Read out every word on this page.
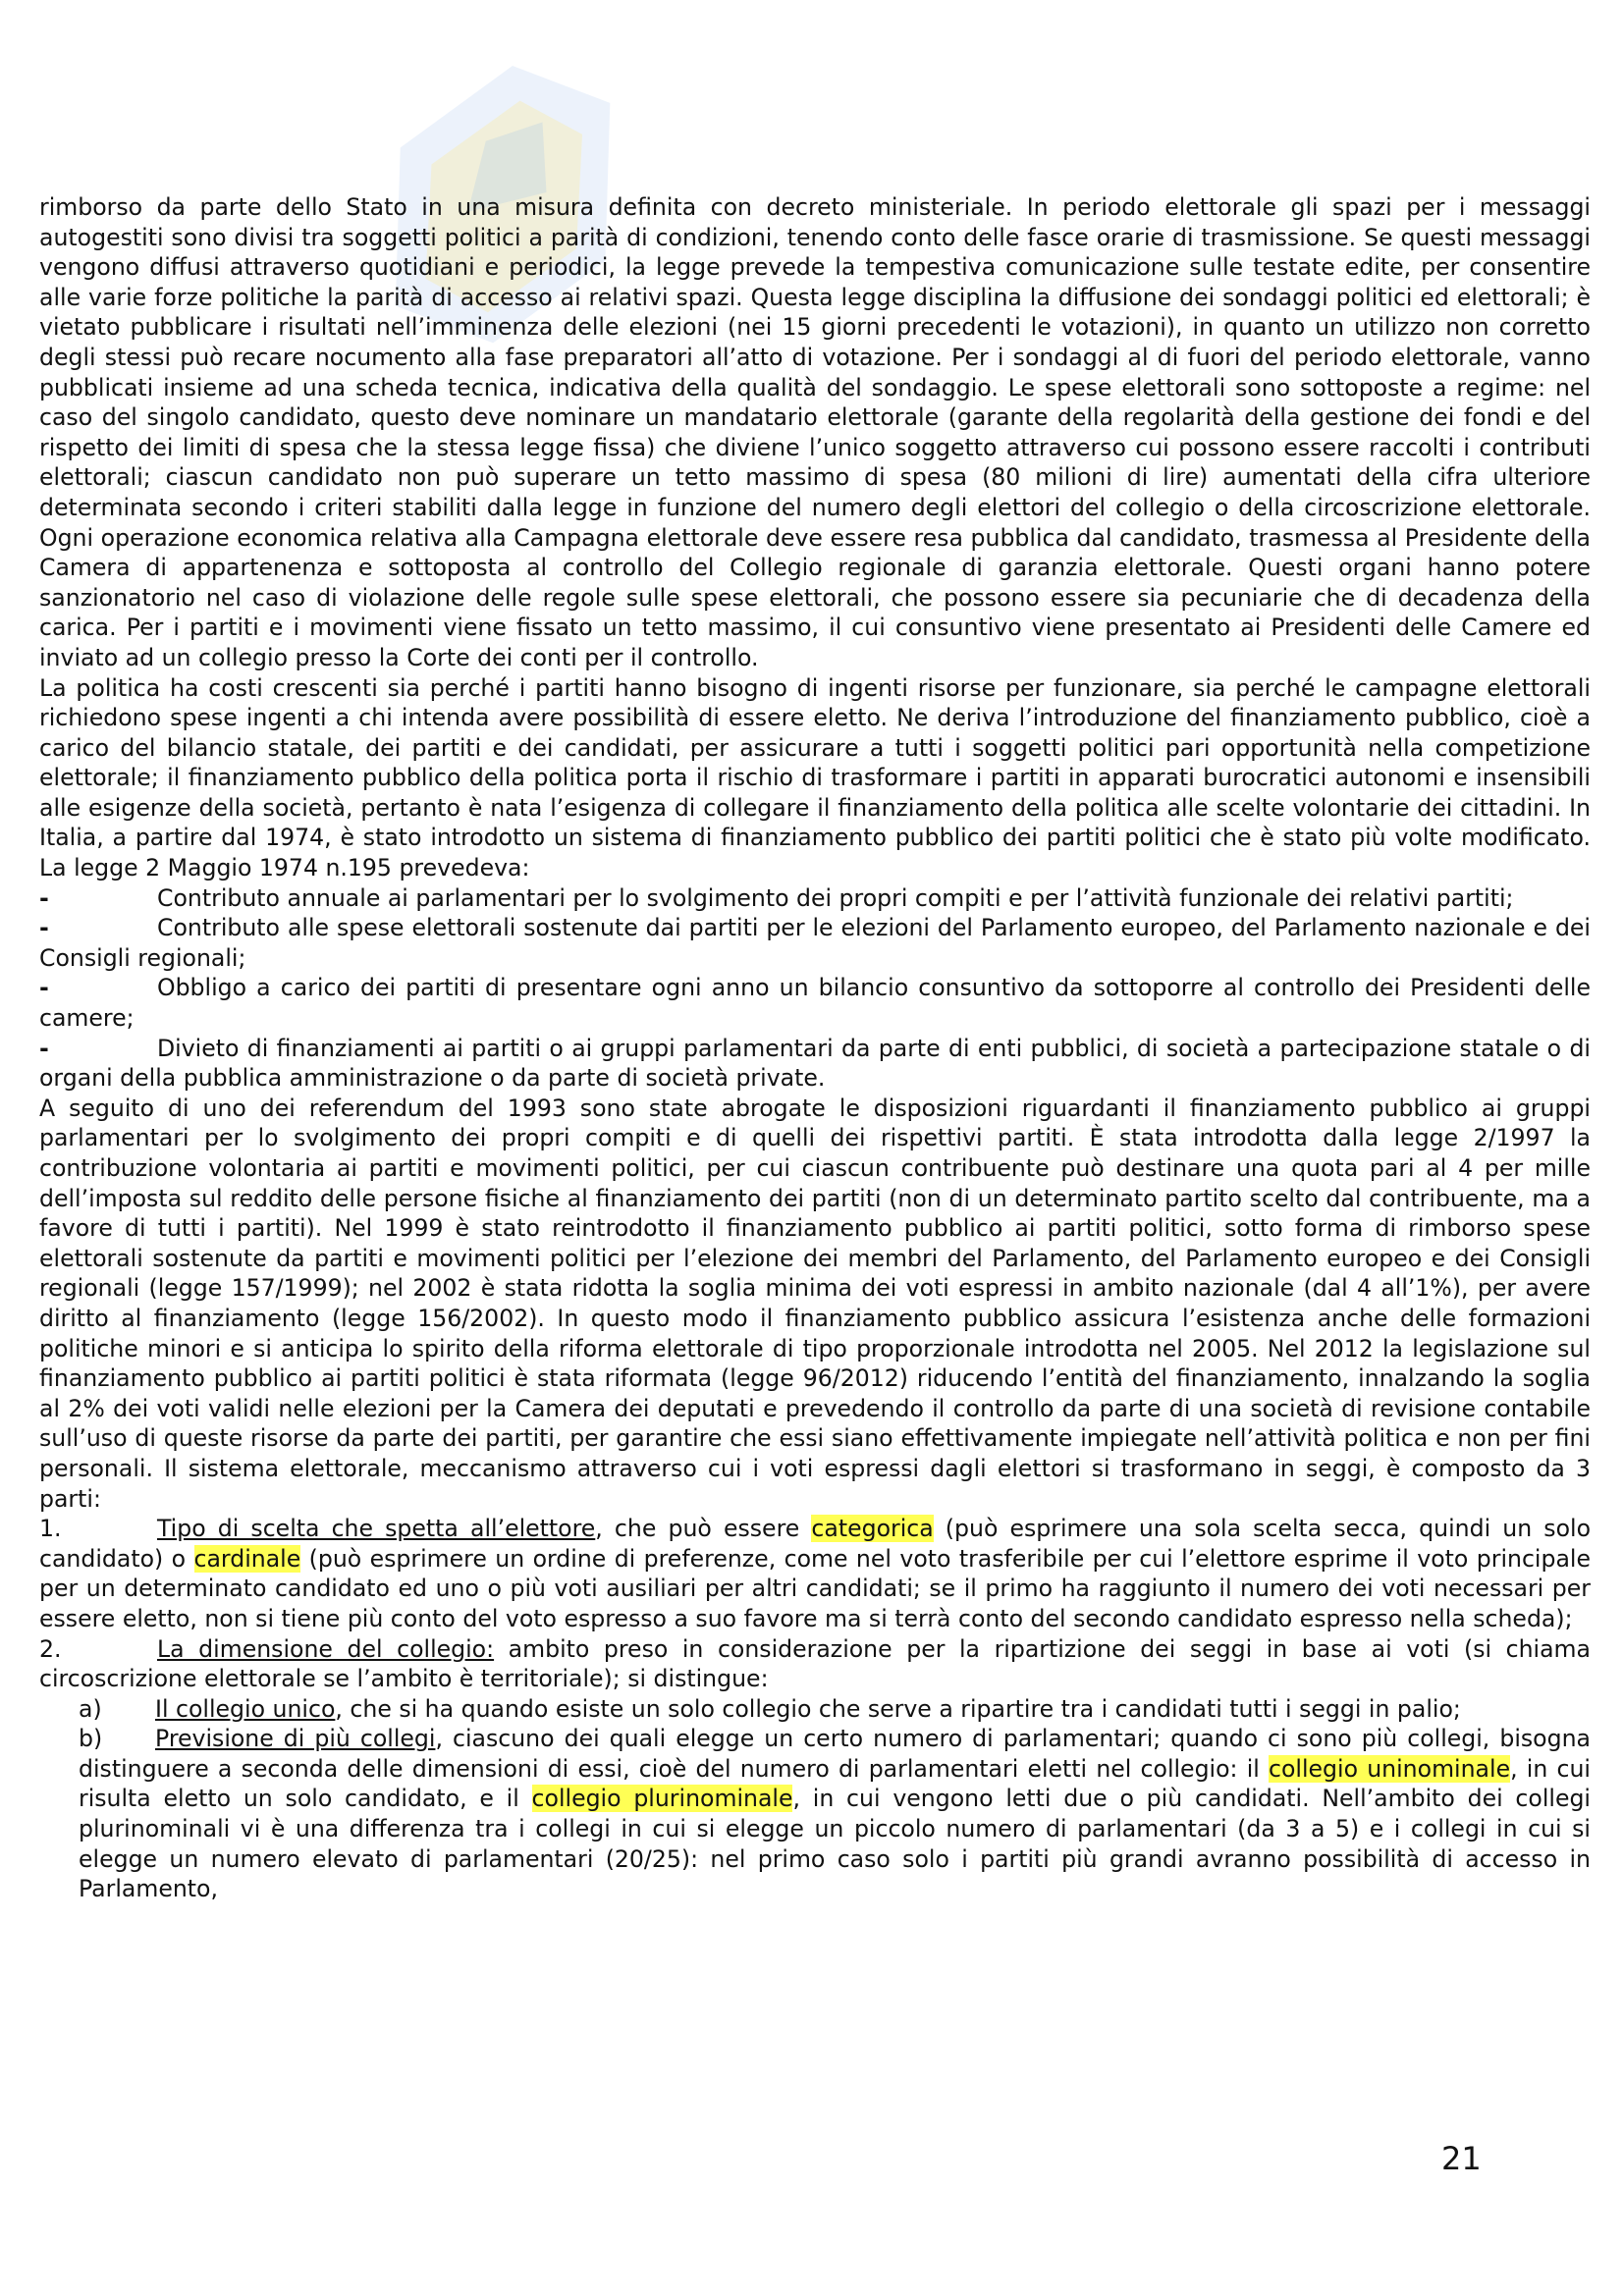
rimborso da parte dello Stato in una misura definita con decreto ministeriale. In periodo elettorale gli spazi per i messaggi autogestiti sono divisi tra soggetti politici a parità di condizioni, tenendo conto delle fasce orarie di trasmissione. Se questi messaggi vengono diffusi attraverso quotidiani e periodici, la legge prevede la tempestiva comunicazione sulle testate edite, per consentire alle varie forze politiche la parità di accesso ai relativi spazi. Questa legge disciplina la diffusione dei sondaggi politici ed elettorali; è vietato pubblicare i risultati nell’imminenza delle elezioni (nei 15 giorni precedenti le votazioni), in quanto un utilizzo non corretto degli stessi può recare nocumento alla fase preparatori all’atto di votazione. Per i sondaggi al di fuori del periodo elettorale, vanno pubblicati insieme ad una scheda tecnica, indicativa della qualità del sondaggio. Le spese elettorali sono sottoposte a regime: nel caso del singolo candidato, questo deve nominare un mandatario elettorale (garante della regolarità della gestione dei fondi e del rispetto dei limiti di spesa che la stessa legge fissa) che diviene l’unico soggetto attraverso cui possono essere raccolti i contributi elettorali; ciascun candidato non può superare un tetto massimo di spesa (80 milioni di lire) aumentati della cifra ulteriore determinata secondo i criteri stabiliti dalla legge in funzione del numero degli elettori del collegio o della circoscrizione elettorale. Ogni operazione economica relativa alla Campagna elettorale deve essere resa pubblica dal candidato, trasmessa al Presidente della Camera di appartenenza e sottoposta al controllo del Collegio regionale di garanzia elettorale. Questi organi hanno potere sanzionatorio nel caso di violazione delle regole sulle spese elettorali, che possono essere sia pecuniarie che di decadenza della carica. Per i partiti e i movimenti viene fissato un tetto massimo, il cui consuntivo viene presentato ai Presidenti delle Camere ed inviato ad un collegio presso la Corte dei conti per il controllo.

La politica ha costi crescenti sia perché i partiti hanno bisogno di ingenti risorse per funzionare, sia perché le campagne elettorali richiedono spese ingenti a chi intenda avere possibilità di essere eletto. Ne deriva l’introduzione del finanziamento pubblico, cioè a carico del bilancio statale, dei partiti e dei candidati, per assicurare a tutti i soggetti politici pari opportunità nella competizione elettorale; il finanziamento pubblico della politica porta il rischio di trasformare i partiti in apparati burocratici autonomi e insensibili alle esigenze della società, pertanto è nata l’esigenza di collegare il finanziamento della politica alle scelte volontarie dei cittadini. In Italia, a partire dal 1974, è stato introdotto un sistema di finanziamento pubblico dei partiti politici che è stato più volte modificato. La legge 2 Maggio 1974 n.195 prevedeva:

-	Contributo annuale ai parlamentari per lo svolgimento dei propri compiti e per l’attività funzionale dei relativi partiti;

-	Contributo alle spese elettorali sostenute dai partiti per le elezioni del Parlamento europeo, del Parlamento nazionale e dei Consigli regionali;

-	Obbligo a carico dei partiti di presentare ogni anno un bilancio consuntivo da sottoporre al controllo dei Presidenti delle camere;

-	Divieto di finanziamenti ai partiti o ai gruppi parlamentari da parte di enti pubblici, di società a partecipazione statale o di organi della pubblica amministrazione o da parte di società private.

A seguito di uno dei referendum del 1993 sono state abrogate le disposizioni riguardanti il finanziamento pubblico ai gruppi parlamentari per lo svolgimento dei propri compiti e di quelli dei rispettivi partiti. È stata introdotta dalla legge 2/1997 la contribuzione volontaria ai partiti e movimenti politici, per cui ciascun contribuente può destinare una quota pari al 4 per mille dell’imposta sul reddito delle persone fisiche al finanziamento dei partiti (non di un determinato partito scelto dal contribuente, ma a favore di tutti i partiti). Nel 1999 è stato reintrodotto il finanziamento pubblico ai partiti politici, sotto forma di rimborso spese elettorali sostenute da partiti e movimenti politici per l’elezione dei membri del Parlamento, del Parlamento europeo e dei Consigli regionali (legge 157/1999); nel 2002 è stata ridotta la soglia minima dei voti espressi in ambito nazionale (dal 4 all’1%), per avere diritto al finanziamento (legge 156/2002). In questo modo il finanziamento pubblico assicura l’esistenza anche delle formazioni politiche minori e si anticipa lo spirito della riforma elettorale di tipo proporzionale introdotta nel 2005. Nel 2012 la legislazione sul finanziamento pubblico ai partiti politici è stata riformata (legge 96/2012) riducendo l’entità del finanziamento, innalzando la soglia al 2% dei voti validi nelle elezioni per la Camera dei deputati e prevedendo il controllo da parte di una società di revisione contabile sull’uso di queste risorse da parte dei partiti, per garantire che essi siano effettivamente impiegate nell’attività politica e non per fini personali. Il sistema elettorale, meccanismo attraverso cui i voti espressi dagli elettori si trasformano in seggi, è composto da 3 parti:

1.	Tipo di scelta che spetta all’elettore, che può essere categorica (può esprimere una sola scelta secca, quindi un solo candidato) o cardinale (può esprimere un ordine di preferenze, come nel voto trasferibile per cui l’elettore esprime il voto principale per un determinato candidato ed uno o più voti ausiliari per altri candidati; se il primo ha raggiunto il numero dei voti necessari per essere eletto, non si tiene più conto del voto espresso a suo favore ma si terrà conto del secondo candidato espresso nella scheda);

2.	La dimensione del collegio: ambito preso in considerazione per la ripartizione dei seggi in base ai voti (si chiama circoscrizione elettorale se l’ambito è territoriale); si distingue:

a) Il collegio unico, che si ha quando esiste un solo collegio che serve a ripartire tra i candidati tutti i seggi in palio;

b) Previsione di più collegi, ciascuno dei quali elegge un certo numero di parlamentari; quando ci sono più collegi, bisogna distinguere a seconda delle dimensioni di essi, cioè del numero di parlamentari eletti nel collegio: il collegio uninominale, in cui risulta eletto un solo candidato, e il collegio plurinominale, in cui vengono letti due o più candidati. Nell’ambito dei collegi plurinominali vi è una differenza tra i collegi in cui si elegge un piccolo numero di parlamentari (da 3 a 5) e i collegi in cui si elegge un numero elevato di parlamentari (20/25): nel primo caso solo i partiti più grandi avranno possibilità di accesso in Parlamento,

21
